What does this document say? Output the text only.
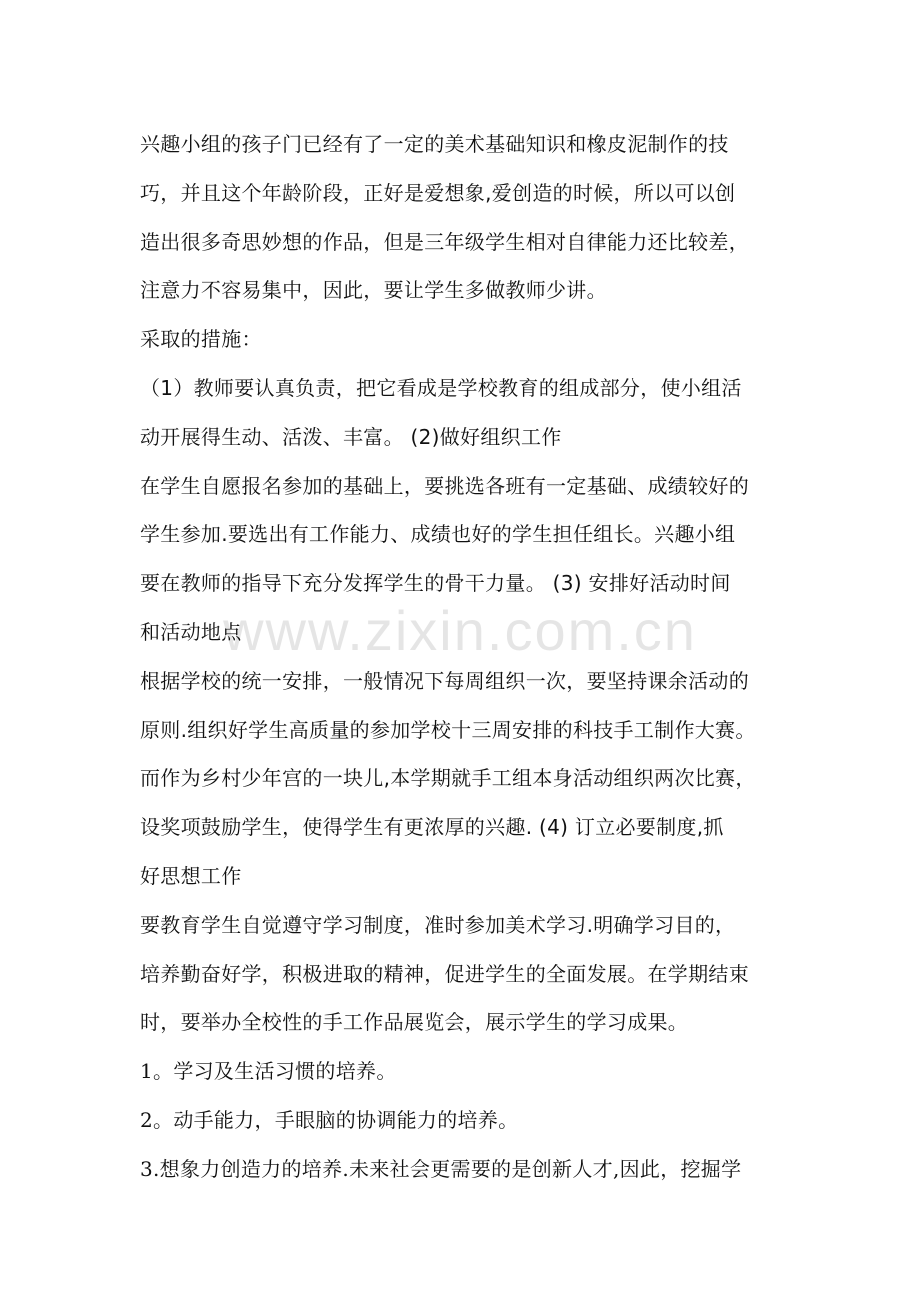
兴趣小组的孩子门已经有了一定的美术基础知识和橡皮泥制作的技
巧，并且这个年龄阶段，正好是爱想象,爱创造的时候，所以可以创
造出很多奇思妙想的作品，但是三年级学生相对自律能力还比较差，
注意力不容易集中，因此，要让学生多做教师少讲。
采取的措施：
（1）教师要认真负责，把它看成是学校教育的组成部分，使小组活
动开展得生动、活泼、丰富。 (2)做好组织工作
在学生自愿报名参加的基础上，要挑选各班有一定基础、成绩较好的
学生参加.要选出有工作能力、成绩也好的学生担任组长。兴趣小组
要在教师的指导下充分发挥学生的骨干力量。 (3) 安排好活动时间
和活动地点
根据学校的统一安排，一般情况下每周组织一次，要坚持课余活动的
原则.组织好学生高质量的参加学校十三周安排的科技手工制作大赛。
而作为乡村少年宫的一块儿,本学期就手工组本身活动组织两次比赛，
设奖项鼓励学生，使得学生有更浓厚的兴趣. (4) 订立必要制度,抓
好思想工作
要教育学生自觉遵守学习制度，准时参加美术学习.明确学习目的，
培养勤奋好学，积极进取的精神，促进学生的全面发展。在学期结束
时，要举办全校性的手工作品展览会，展示学生的学习成果。
1。学习及生活习惯的培养。
2。动手能力，手眼脑的协调能力的培养。
3.想象力创造力的培养.未来社会更需要的是创新人才,因此，挖掘学
www.zixin.com.cn
